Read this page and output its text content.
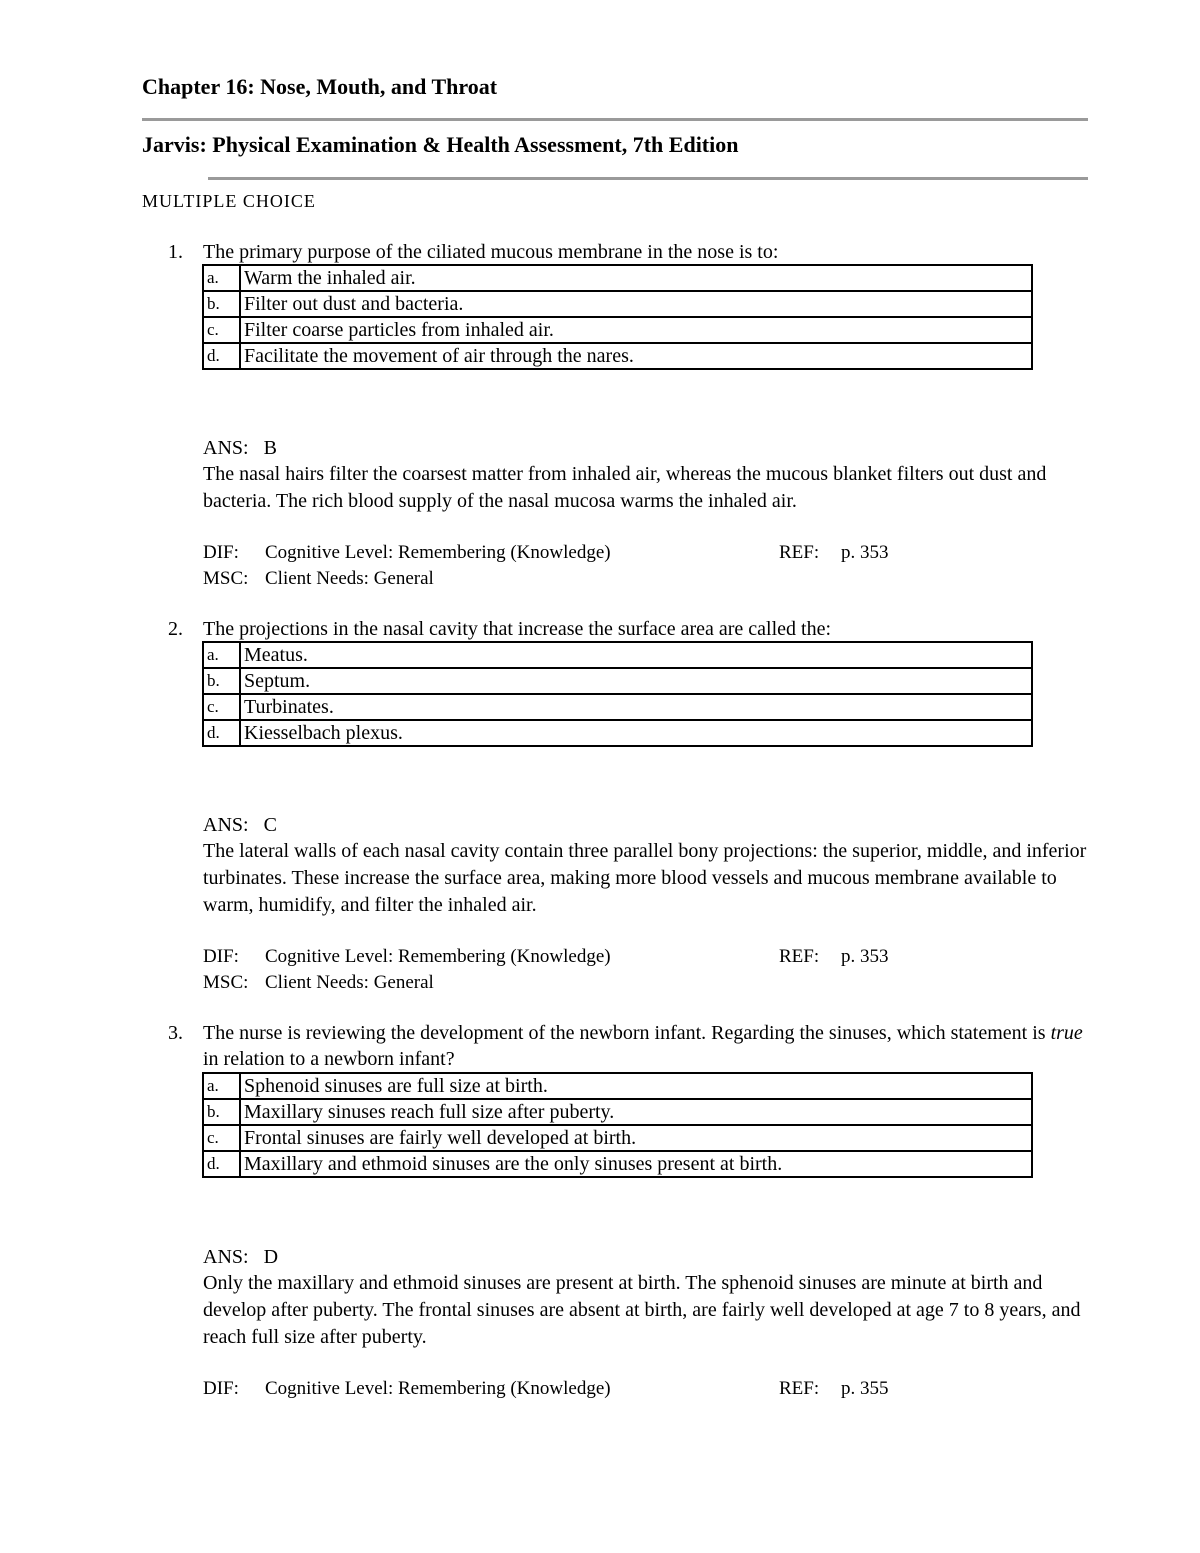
Chapter 16: Nose, Mouth, and Throat
Jarvis: Physical Examination & Health Assessment, 7th Edition
MULTIPLE CHOICE
1. The primary purpose of the ciliated mucous membrane in the nose is to:
a.	Warm the inhaled air.
b.	Filter out dust and bacteria.
c.	Filter coarse particles from inhaled air.
d.	Facilitate the movement of air through the nares.
ANS: B
The nasal hairs filter the coarsest matter from inhaled air, whereas the mucous blanket filters out dust and bacteria. The rich blood supply of the nasal mucosa warms the inhaled air.
DIF: Cognitive Level: Remembering (Knowledge)	REF: p. 353
MSC: Client Needs: General
2. The projections in the nasal cavity that increase the surface area are called the:
a.	Meatus.
b.	Septum.
c.	Turbinates.
d.	Kiesselbach plexus.
ANS: C
The lateral walls of each nasal cavity contain three parallel bony projections: the superior, middle, and inferior turbinates. These increase the surface area, making more blood vessels and mucous membrane available to warm, humidify, and filter the inhaled air.
DIF: Cognitive Level: Remembering (Knowledge)	REF: p. 353
MSC: Client Needs: General
3. The nurse is reviewing the development of the newborn infant. Regarding the sinuses, which statement is true in relation to a newborn infant?
a.	Sphenoid sinuses are full size at birth.
b.	Maxillary sinuses reach full size after puberty.
c.	Frontal sinuses are fairly well developed at birth.
d.	Maxillary and ethmoid sinuses are the only sinuses present at birth.
ANS: D
Only the maxillary and ethmoid sinuses are present at birth. The sphenoid sinuses are minute at birth and develop after puberty. The frontal sinuses are absent at birth, are fairly well developed at age 7 to 8 years, and reach full size after puberty.
DIF: Cognitive Level: Remembering (Knowledge)	REF: p. 355
